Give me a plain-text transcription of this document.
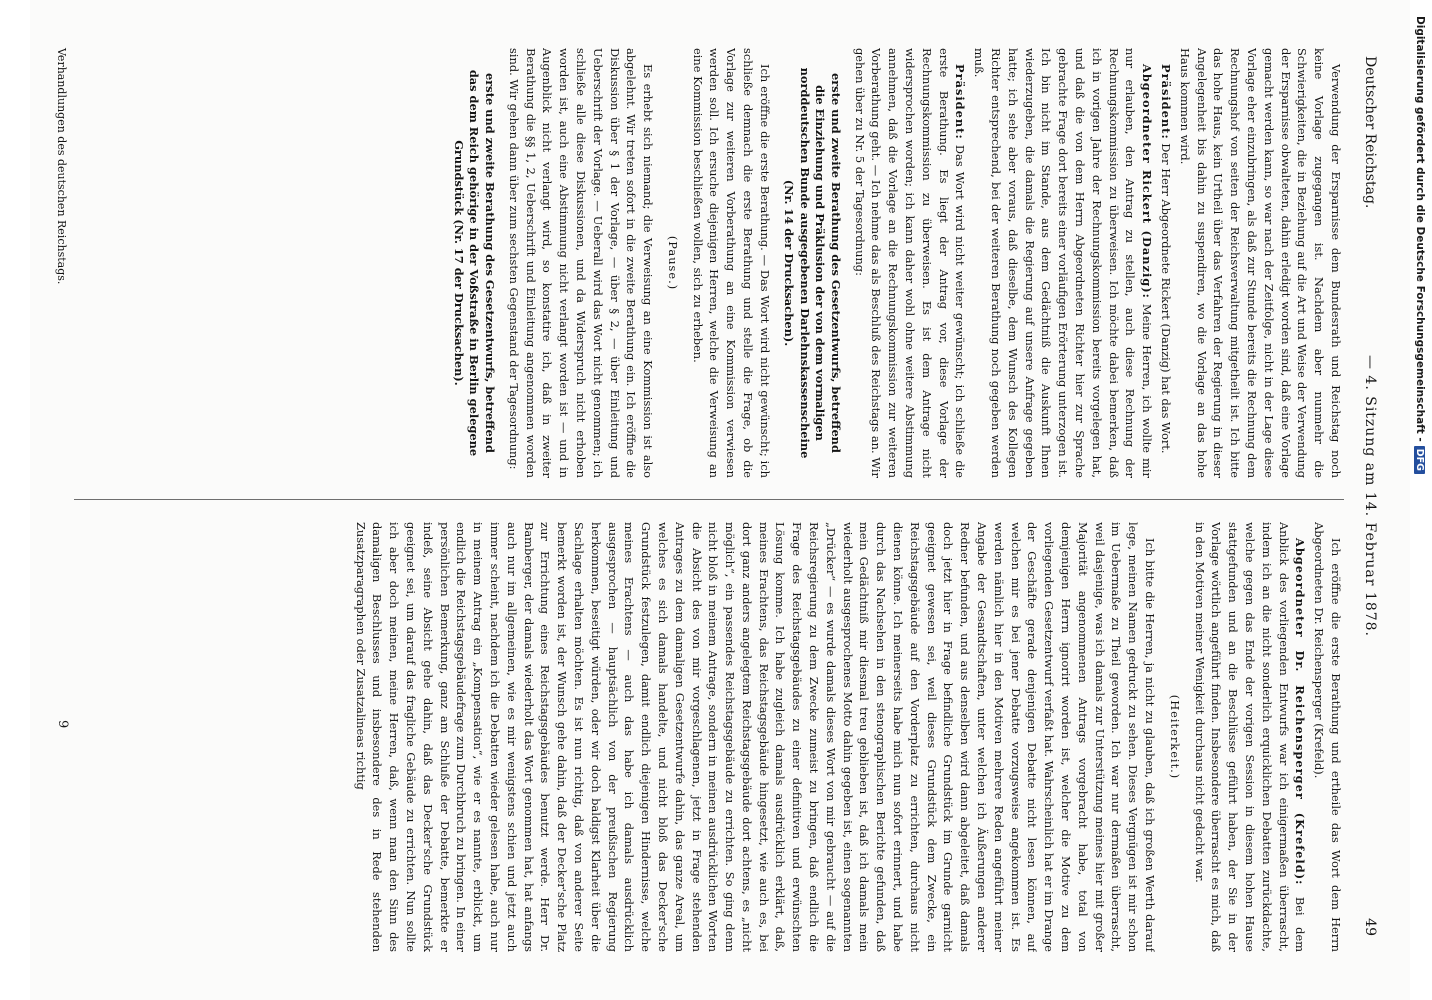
Deutscher Reichstag.
— 4. Sitzung am 14. Februar 1878.
49

Verwendung der Ersparnisse dem Bundesrath und Reichstag noch keine Vorlage zugegangen ist. Nachdem aber nunmehr die Schwierigkeiten, die in Beziehung auf die Art und Weise der Verwendung der Ersparnisse obwalteten, dahin erledigt worden sind, daß eine Vorlage gemacht werden kann, so war nach der Zeitfolge, nicht in der Lage diese Vorlage eher einzubringen, als daß zur Stunde bereits die Rechnung dem Rechnungshof von seiten der Reichsverwaltung mitgetheilt ist. Ich bitte das hohe Haus, kein Urtheil über das Verfahren der Regierung in dieser Angelegenheit bis dahin zu suspendiren, wo die Vorlage an das hohe Haus kommen wird.

Präsident: Der Herr Abgeordnete Rickert (Danzig) hat das Wort.

Abgeordneter Rickert (Danzig): Meine Herren, ich wollte mir nur erlauben, den Antrag zu stellen, auch diese Rechnung der Rechnungskommission zu überweisen. Ich möchte dabei bemerken, daß ich in vorigen Jahre der Rechnungskommission bereits vorgelegen hat, und daß die von dem Herrn Abgeordneten Richter hier zur Sprache gebrachte Frage dort bereits einer vorläufigen Erörterung unterzogen ist. Ich bin nicht im Stande, aus dem Gedächtniß die Auskunft Ihnen wiederzugeben, die damals die Regierung auf unsere Anfrage gegeben hatte; ich sehe aber voraus, daß dieselbe, dem Wunsch des Kollegen Richter entsprechend, bei der weiteren Berathung noch gegeben werden muß.

Präsident: Das Wort wird nicht weiter gewünscht; ich schließe die erste Berathung. Es liegt der Antrag vor, diese Vorlage der Rechnungskommission zu überweisen. Es ist dem Antrage nicht widersprochen worden; ich kann daher wohl ohne weitere Abstimmung annehmen, daß die Vorlage an die Rechnungskommission zur weiteren Vorberathung geht. — Ich nehme das als Beschluß des Reichstags an. Wir gehen über zu Nr. 5 der Tagesordnung:

erste und zweite Berathung des Gesetzentwurfs, betreffend die Einziehung und Präklusion der von dem vormaligen norddeutschen Bunde ausgegebenen Darlehnskassenscheine (Nr. 14 der Drucksachen).

Ich eröffne die erste Berathung. — Das Wort wird nicht gewünscht; ich schließe demnach die erste Berathung und stelle die Frage, ob die Vorlage zur weiteren Vorberathung an eine Kommission verwiesen werden soll. Ich ersuche diejenigen Herren, welche die Verweisung an eine Kommission beschließen wollen, sich zu erheben.

(Pause.)

Es erhebt sich niemand; die Verweisung an eine Kommission ist also abgelehnt. Wir treten sofort in die zweite Berathung ein. Ich eröffne die Diskussion über § 1 der Vorlage, — über § 2, — über Einleitung und Ueberschrift der Vorlage. — Ueberall wird das Wort nicht genommen; ich schließe alle diese Diskussionen, und da Widerspruch nicht erhoben worden ist, auch eine Abstimmung nicht verlangt worden ist — und in Augenblick nicht verlangt wird, so konstatire ich, daß in zweiter Berathung die §§ 1, 2, Ueberschrift und Einleitung angenommen worden sind. Wir gehen dann über zum sechsten Gegenstand der Tagesordnung:

erste und zweite Berathung des Gesetzentwurfs, betreffend das dem Reich gehörige in der Voßstraße in Berlin gelegene Grundstück (Nr. 17 der Drucksachen).

Verhandlungen des deutschen Reichstags.

Ich eröffne die erste Berathung und ertheile das Wort dem Herrn Abgeordneten Dr. Reichensperger (Krefeld).

Abgeordneter Dr. Reichensperger (Krefeld): Bei dem Anblick des vorliegenden Entwurfs war ich einigermaßen überrascht, indem ich an die nicht sonderlich erquicklichen Debatten zurückdachte, welche gegen das Ende der vorigen Session in diesem hohen Hause stattgefunden und an die Beschlüsse geführt haben, der Sie in der Vorlage wörtlich angeführt finden. Insbesondere überrascht es mich, daß in den Motiven meiner Wenigkeit durchaus nicht gedacht war.

(Heiterkeit.)

Ich bitte die Herren, ja nicht zu glauben, daß ich großen Werth darauf lege, meinen Namen gedruckt zu sehen. Dieses Vergnügen ist mir schon im Uebermaße zu Theil geworden. Ich war nur dermaßen überrascht, weil dasjenige, was ich damals zur Unterstützung meines hier mit großer Majorität angenommenen Antrags vorgebracht habe, total von demjenigen Herrn ignorirt worden ist, welcher die Motive zu dem vorliegenden Gesetzentwurf verfaßt hat. Wahrscheinlich hat er im Drange der Geschäfte gerade denjenigen Debatte nicht lesen können, auf welchen mir es bei jener Debatte vorzugsweise angekommen ist. Es werden nämlich hier in den Motiven mehrere Reden angeführt meiner Angabe der Gesandtschaften, unter welchen ich Äußerungen anderer Redner befunden, und aus denselben wird dann abgeleitet, daß damals doch jetzt hier in Frage befindliche Grundstück im Grunde garnicht geeignet gewesen sei, weil dieses Grundstück dem Zwecke, ein Reichstagsgebäude auf den Vorderplatz zu errichten, durchaus nicht dienen könne. Ich meinerseits habe mich nun sofort erinnert, und habe durch das Nachsehen in den stenographischen Berichte gefunden, daß mein Gedächtniß mir diesmal treu geblieben ist, daß ich damals mein wiederholt ausgesprochenes Motto dahin gegeben ist, einen sogenannten „Drücker“ — es wurde damals dieses Wort von mir gebraucht — auf die Reichsregierung zu dem Zwecke zumeist zu bringen, daß endlich die Frage des Reichstagsgebäudes zu einer definitiven und erwünschten Lösung komme. Ich habe zugleich damals ausdrücklich erklärt, daß, meines Erachtens, das Reichstagsgebäude hingesetzt, wie auch es, bei dort ganz anders angelegtem Reichstagsgebäude dort achtens, es „nicht möglich“, ein passendes Reichstagsgebäude zu errichten. So ging denn nicht bloß in meinem Antrage, sondern in meinen ausdrücklichen Worten die Absicht des von mir vorgeschlagenen, jetzt in Frage stehenden Antrages zu dem damaligen Gesetzentwurfe dahin, das ganze Areal, um welches es sich damals handelte, und nicht bloß das Decker'sche Grundstück festzulegen, damit endlich diejenigen Hindernisse, welche meines Erachtens — auch das habe ich damals ausdrücklich ausgesprochen — hauptsächlich von der preußischen Regierung herkommen, beseitigt würden, oder wir doch baldigst Klarheit über die Sachlage erhalten möchten. Es ist nun richtig, daß von anderer Seite bemerkt worden ist, der Wunsch gehe dahin, daß der Decker'sche Platz zur Errichtung eines Reichstagsgebäudes benutzt werde. Herr Dr. Bamberger, der damals wiederholt das Wort genommen hat, hat anfangs auch nur im allgemeinen, wie es mir wenigstens schien und jetzt auch immer scheint, nachdem ich die Debatten wieder gelesen habe, auch nur in meinem Antrag ein „Kompensation“, wie er es nannte, erblickt, um endlich die Reichstagsgebäudefrage zum Durchbruch zu bringen. In einer persönlichen Bemerkung, ganz am Schluße der Debatte, bemerkte er indeß, seine Absicht gehe dahin, daß das Decker'sche Grundstück geeignet sei, um darauf das fragliche Gebäude zu errichten. Nun sollte ich aber doch meinen, meine Herren, daß, wenn man den Sinn des damaligen Beschlusses und insbesondere des in Rede stehenden Zusatzparagraphen oder Zusatzalineas richtig

9
Digitalisierung gefördert durch die Deutsche Forschungsgemeinschaft -DFG
